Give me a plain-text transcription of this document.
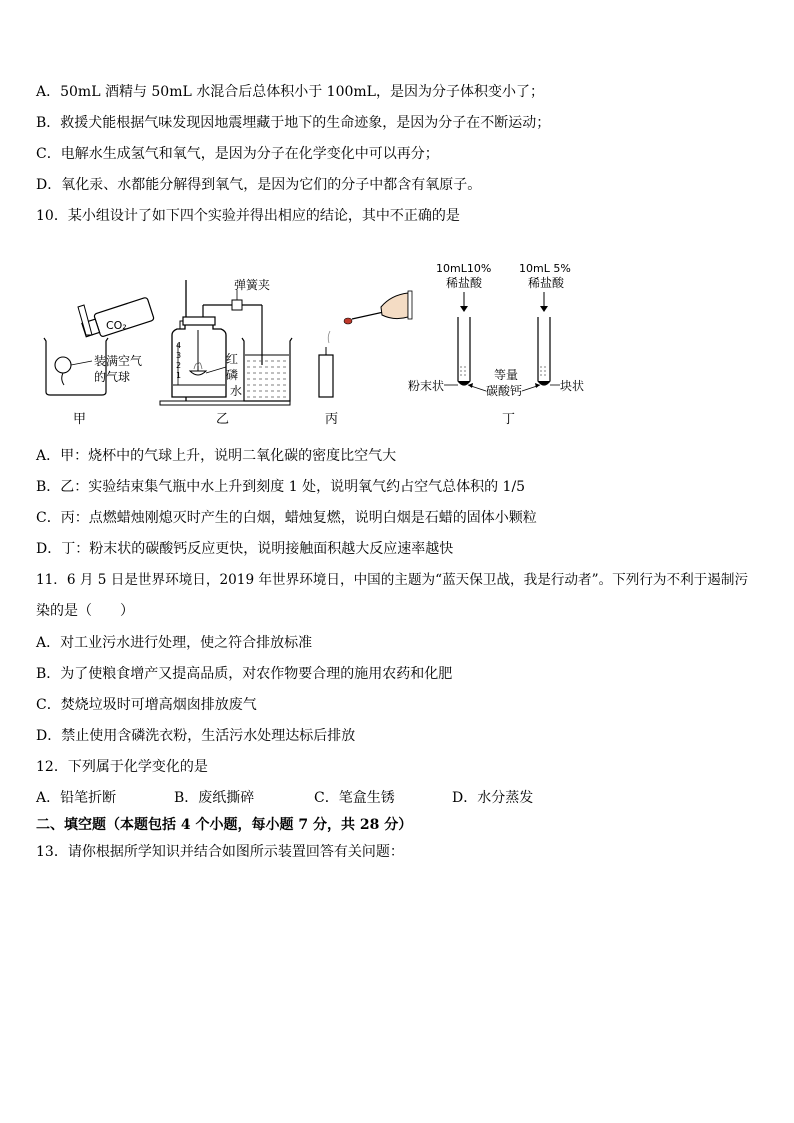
A．50mL 酒精与 50mL 水混合后总体积小于 100mL，是因为分子体积变小了；
B．救援犬能根据气味发现因地震埋藏于地下的生命迹象，是因为分子在不断运动；
C．电解水生成氢气和氧气，是因为分子在化学变化中可以再分；
D．氧化汞、水都能分解得到氧气，是因为它们的分子中都含有氧原子。
10．某小组设计了如下四个实验并得出相应的结论，其中不正确的是
CO₂
装满空气
的气球
甲
弹簧夹
4
3
2
1
红
磷
水
乙	丙
10mL10%
稀盐酸
10mL 5%
稀盐酸
粉末状
等量
碳酸钙	块状
丁
A．甲：烧杯中的气球上升，说明二氧化碳的密度比空气大
B．乙：实验结束集气瓶中水上升到刻度 1 处，说明氧气约占空气总体积的 1/5
C．丙：点燃蜡烛刚熄灭时产生的白烟，蜡烛复燃，说明白烟是石蜡的固体小颗粒
D．丁：粉末状的碳酸钙反应更快，说明接触面积越大反应速率越快
11．6 月 5 日是世界环境日，2019 年世界环境日，中国的主题为“蓝天保卫战，我是行动者”。下列行为不利于遏制污
染的是（　　）
A．对工业污水进行处理，使之符合排放标准
B．为了使粮食增产又提高品质，对农作物要合理的施用农药和化肥
C．焚烧垃圾时可增高烟囱排放废气
D．禁止使用含磷洗衣粉，生活污水处理达标后排放
12．下列属于化学变化的是
A．铅笔折断	B．废纸撕碎	C．笔盒生锈	D．水分蒸发
二、填空题（本题包括 4 个小题，每小题 7 分，共 28 分）
13．请你根据所学知识并结合如图所示装置回答有关问题：
